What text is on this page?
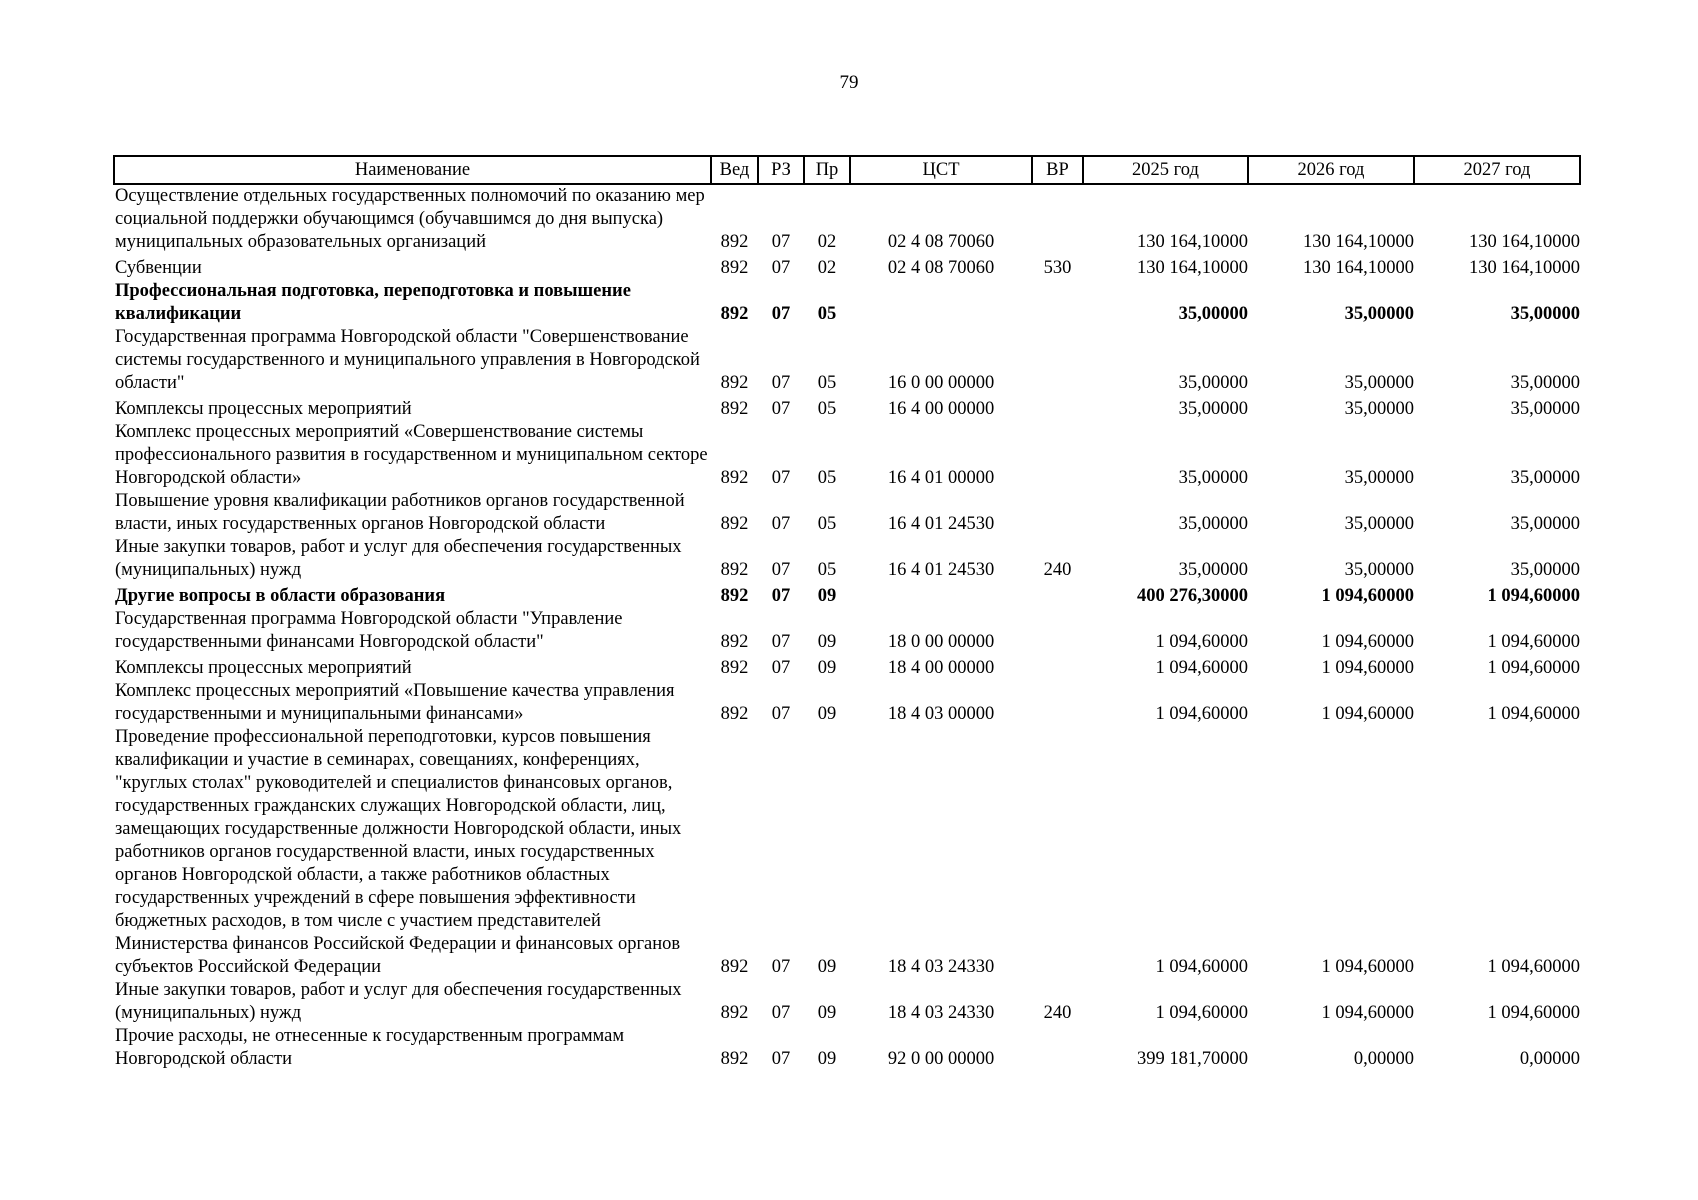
79
Наименование	Вед	РЗ	Пр	ЦСТ	ВР	2025 год	2026 год	2027 год
Осуществление отдельных государственных полномочий по оказанию мер социальной поддержки обучающимся (обучавшимся до дня выпуска) муниципальных образовательных организаций	892	07	02	02 4 08 70060		130 164,10000	130 164,10000	130 164,10000
Субвенции	892	07	02	02 4 08 70060	530	130 164,10000	130 164,10000	130 164,10000
Профессиональная подготовка, переподготовка и повышение квалификации	892	07	05			35,00000	35,00000	35,00000
Государственная программа Новгородской области "Совершенствование системы государственного и муниципального управления в Новгородской области"	892	07	05	16 0 00 00000		35,00000	35,00000	35,00000
Комплексы процессных мероприятий	892	07	05	16 4 00 00000		35,00000	35,00000	35,00000
Комплекс процессных мероприятий «Совершенствование системы профессионального развития в государственном и муниципальном секторе Новгородской области»	892	07	05	16 4 01 00000		35,00000	35,00000	35,00000
Повышение уровня квалификации работников органов государственной власти, иных государственных органов Новгородской области	892	07	05	16 4 01 24530		35,00000	35,00000	35,00000
Иные закупки товаров, работ и услуг для обеспечения государственных (муниципальных) нужд	892	07	05	16 4 01 24530	240	35,00000	35,00000	35,00000
Другие вопросы в области образования	892	07	09			400 276,30000	1 094,60000	1 094,60000
Государственная программа Новгородской области "Управление государственными финансами Новгородской области"	892	07	09	18 0 00 00000		1 094,60000	1 094,60000	1 094,60000
Комплексы процессных мероприятий	892	07	09	18 4 00 00000		1 094,60000	1 094,60000	1 094,60000
Комплекс процессных мероприятий «Повышение качества управления государственными и муниципальными финансами»	892	07	09	18 4 03 00000		1 094,60000	1 094,60000	1 094,60000
Проведение профессиональной переподготовки, курсов повышения квалификации и участие в семинарах, совещаниях, конференциях, "круглых столах" руководителей и специалистов финансовых органов, государственных гражданских служащих Новгородской области, лиц, замещающих государственные должности Новгородской области, иных работников органов государственной власти, иных государственных органов Новгородской области, а также работников областных государственных учреждений в сфере повышения эффективности бюджетных расходов, в том числе с участием представителей Министерства финансов Российской Федерации и финансовых органов субъектов Российской Федерации	892	07	09	18 4 03 24330		1 094,60000	1 094,60000	1 094,60000
Иные закупки товаров, работ и услуг для обеспечения государственных (муниципальных) нужд	892	07	09	18 4 03 24330	240	1 094,60000	1 094,60000	1 094,60000
Прочие расходы, не отнесенные к государственным программам Новгородской области	892	07	09	92 0 00 00000		399 181,70000	0,00000	0,00000
